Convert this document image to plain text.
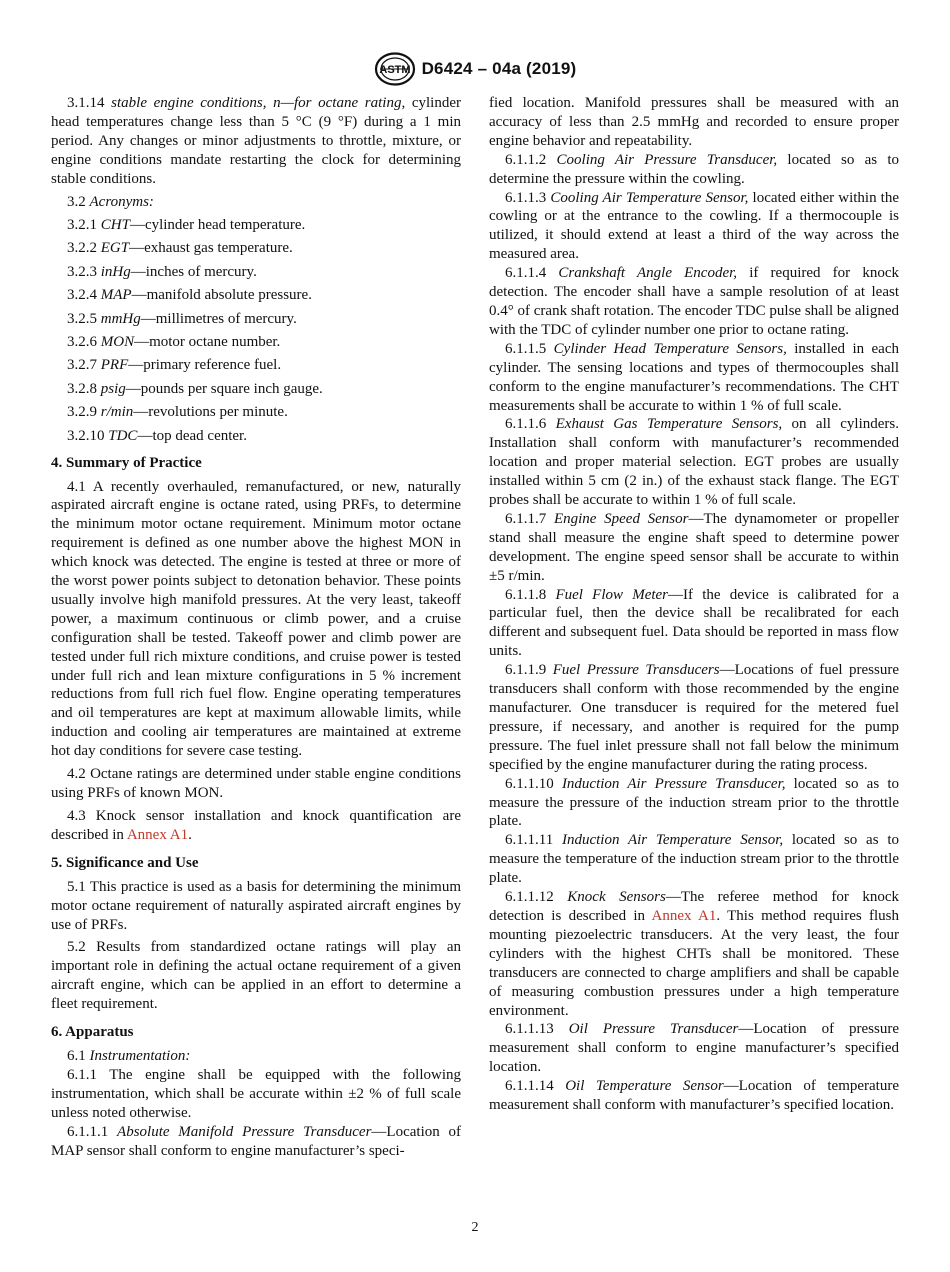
ASTM D6424 – 04a (2019)

3.1.14 stable engine conditions, n—for octane rating, cylinder head temperatures change less than 5 °C (9 °F) during a 1 min period. Any changes or minor adjustments to throttle, mixture, or engine conditions mandate restarting the clock for determining stable conditions.

3.2 Acronyms:

3.2.1 CHT—cylinder head temperature.

3.2.2 EGT—exhaust gas temperature.

3.2.3 inHg—inches of mercury.

3.2.4 MAP—manifold absolute pressure.

3.2.5 mmHg—millimetres of mercury.

3.2.6 MON—motor octane number.

3.2.7 PRF—primary reference fuel.

3.2.8 psig—pounds per square inch gauge.

3.2.9 r/min—revolutions per minute.

3.2.10 TDC—top dead center.

4. Summary of Practice

4.1 A recently overhauled, remanufactured, or new, naturally aspirated aircraft engine is octane rated, using PRFs, to determine the minimum motor octane requirement. Minimum motor octane requirement is defined as one number above the highest MON in which knock was detected. The engine is tested at three or more of the worst power points subject to detonation behavior. These points usually involve high manifold pressures. At the very least, takeoff power, a maximum continuous or climb power, and a cruise configuration shall be tested. Takeoff power and climb power are tested under full rich mixture conditions, and cruise power is tested under full rich and lean mixture configurations in 5 % increment reductions from full rich fuel flow. Engine operating temperatures and oil temperatures are kept at maximum allowable limits, while induction and cooling air temperatures are maintained at extreme hot day conditions for severe case testing.

4.2 Octane ratings are determined under stable engine conditions using PRFs of known MON.

4.3 Knock sensor installation and knock quantification are described in Annex A1.

5. Significance and Use

5.1 This practice is used as a basis for determining the minimum motor octane requirement of naturally aspirated aircraft engines by use of PRFs.

5.2 Results from standardized octane ratings will play an important role in defining the actual octane requirement of a given aircraft engine, which can be applied in an effort to determine a fleet requirement.

6. Apparatus

6.1 Instrumentation:

6.1.1 The engine shall be equipped with the following instrumentation, which shall be accurate within ±2 % of full scale unless noted otherwise.

6.1.1.1 Absolute Manifold Pressure Transducer—Location of MAP sensor shall conform to engine manufacturer’s speci-

fied location. Manifold pressures shall be measured with an accuracy of less than 2.5 mmHg and recorded to ensure proper engine behavior and repeatability.

6.1.1.2 Cooling Air Pressure Transducer, located so as to determine the pressure within the cowling.

6.1.1.3 Cooling Air Temperature Sensor, located either within the cowling or at the entrance to the cowling. If a thermocouple is utilized, it should extend at least a third of the way across the measured area.

6.1.1.4 Crankshaft Angle Encoder, if required for knock detection. The encoder shall have a sample resolution of at least 0.4° of crank shaft rotation. The encoder TDC pulse shall be aligned with the TDC of cylinder number one prior to octane rating.

6.1.1.5 Cylinder Head Temperature Sensors, installed in each cylinder. The sensing locations and types of thermocouples shall conform to the engine manufacturer’s recommendations. The CHT measurements shall be accurate to within 1 % of full scale.

6.1.1.6 Exhaust Gas Temperature Sensors, on all cylinders. Installation shall conform with manufacturer’s recommended location and proper material selection. EGT probes are usually installed within 5 cm (2 in.) of the exhaust stack flange. The EGT probes shall be accurate to within 1 % of full scale.

6.1.1.7 Engine Speed Sensor—The dynamometer or propeller stand shall measure the engine shaft speed to determine power development. The engine speed sensor shall be accurate to within ±5 r/min.

6.1.1.8 Fuel Flow Meter—If the device is calibrated for a particular fuel, then the device shall be recalibrated for each different and subsequent fuel. Data should be reported in mass flow units.

6.1.1.9 Fuel Pressure Transducers—Locations of fuel pressure transducers shall conform with those recommended by the engine manufacturer. One transducer is required for the metered fuel pressure, if necessary, and another is required for the pump pressure. The fuel inlet pressure shall not fall below the minimum specified by the engine manufacturer during the rating process.

6.1.1.10 Induction Air Pressure Transducer, located so as to measure the pressure of the induction stream prior to the throttle plate.

6.1.1.11 Induction Air Temperature Sensor, located so as to measure the temperature of the induction stream prior to the throttle plate.

6.1.1.12 Knock Sensors—The referee method for knock detection is described in Annex A1. This method requires flush mounting piezoelectric transducers. At the very least, the four cylinders with the highest CHTs shall be monitored. These transducers are connected to charge amplifiers and shall be capable of measuring combustion pressures under a high temperature environment.

6.1.1.13 Oil Pressure Transducer—Location of pressure measurement shall conform to engine manufacturer’s specified location.

6.1.1.14 Oil Temperature Sensor—Location of temperature measurement shall conform with manufacturer’s specified location.

2
